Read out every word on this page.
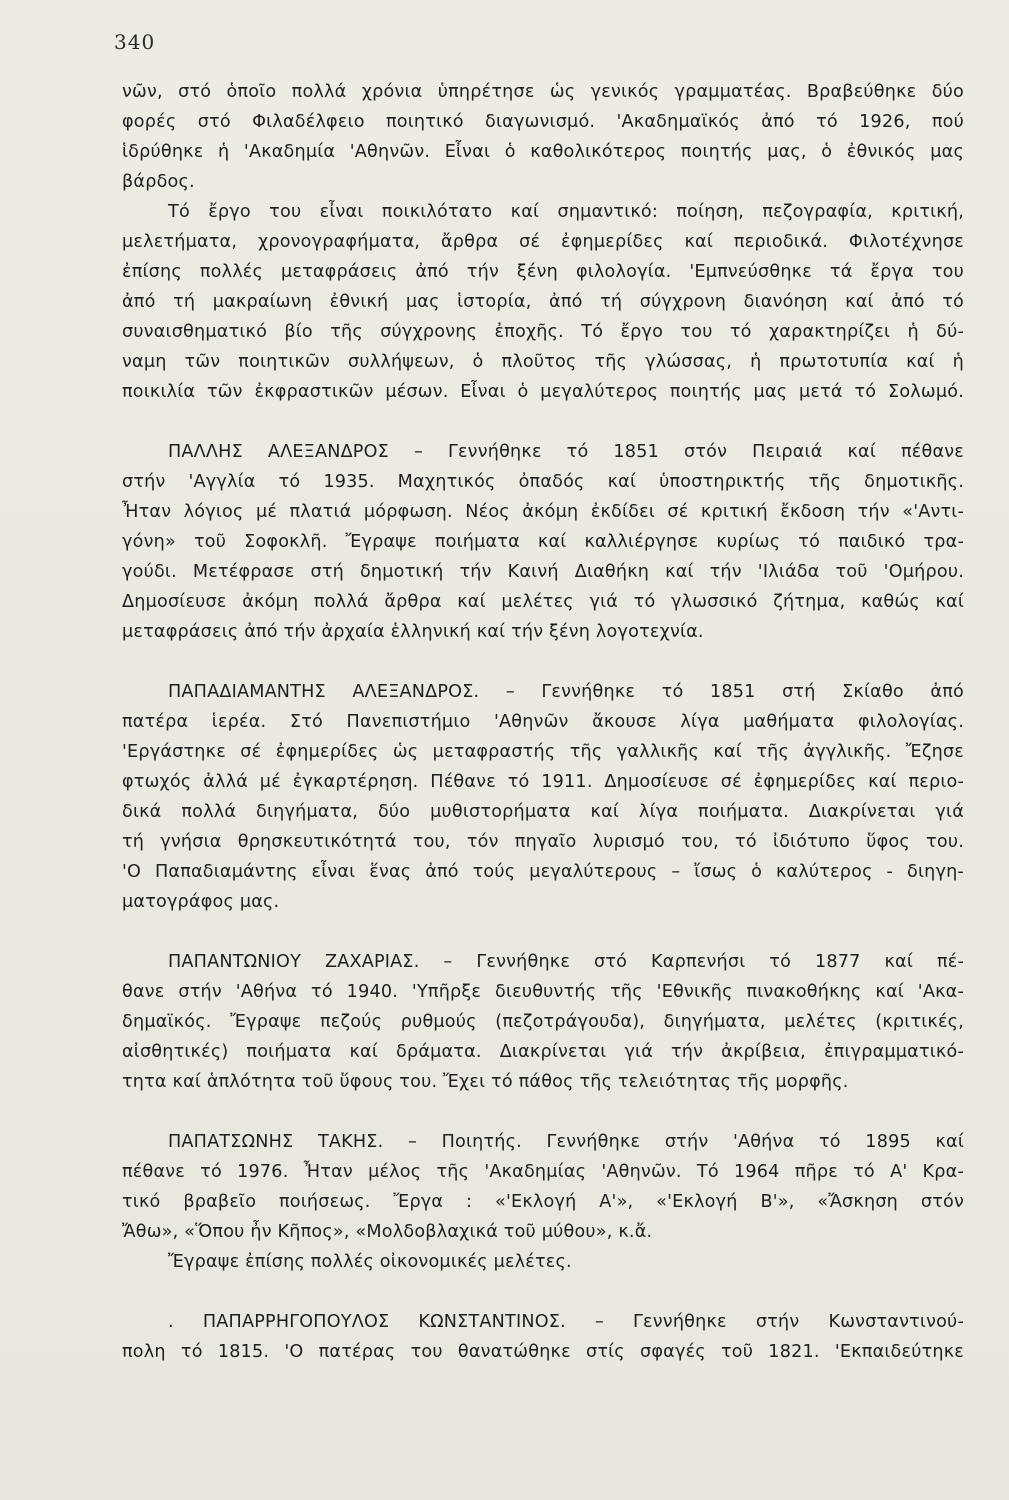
340
νῶν, στό ὁποῖο πολλά χρόνια ὑπηρέτησε ὡς γενικός γραμματέας. Βραβεύθηκε δύο
φορές στό Φιλαδέλφειο ποιητικό διαγωνισμό. 'Ακαδημαϊκός ἀπό τό 1926, πού
ἱδρύθηκε ἡ 'Ακαδημία 'Αθηνῶν. Εἶναι ὁ καθολικότερος ποιητής μας, ὁ ἐθνικός μας
βάρδος.
Τό ἔργο του εἶναι ποικιλότατο καί σημαντικό: ποίηση, πεζογραφία, κριτική,
μελετήματα, χρονογραφήματα, ἄρθρα σέ ἐφημερίδες καί περιοδικά. Φιλοτέχνησε
ἐπίσης πολλές μεταφράσεις ἀπό τήν ξένη φιλολογία. 'Εμπνεύσθηκε τά ἔργα του
ἀπό τή μακραίωνη ἐθνική μας ἱστορία, ἀπό τή σύγχρονη διανόηση καί ἀπό τό
συναισθηματικό βίο τῆς σύγχρονης ἐποχῆς. Τό ἔργο του τό χαρακτηρίζει ἡ δύ-
ναμη τῶν ποιητικῶν συλλήψεων, ὁ πλοῦτος τῆς γλώσσας, ἡ πρωτοτυπία καί ἡ
ποικιλία τῶν ἐκφραστικῶν μέσων. Εἶναι ὁ μεγαλύτερος ποιητής μας μετά τό Σολωμό.
ΠΑΛΛΗΣ ΑΛΕΞΑΝΔΡΟΣ – Γεννήθηκε τό 1851 στόν Πειραιά καί πέθανε
στήν 'Αγγλία τό 1935. Μαχητικός ὀπαδός καί ὑποστηρικτής τῆς δημοτικῆς.
Ἦταν λόγιος μέ πλατιά μόρφωση. Νέος ἀκόμη ἐκδίδει σέ κριτική ἔκδοση τήν «'Αντι-
γόνη» τοῦ Σοφοκλῆ. Ἔγραψε ποιήματα καί καλλιέργησε κυρίως τό παιδικό τρα-
γούδι. Μετέφρασε στή δημοτική τήν Καινή Διαθήκη καί τήν 'Ιλιάδα τοῦ 'Ομήρου.
Δημοσίευσε ἀκόμη πολλά ἄρθρα καί μελέτες γιά τό γλωσσικό ζήτημα, καθώς καί
μεταφράσεις ἀπό τήν ἀρχαία ἑλληνική καί τήν ξένη λογοτεχνία.
ΠΑΠΑΔΙΑΜΑΝΤΗΣ ΑΛΕΞΑΝΔΡΟΣ. – Γεννήθηκε τό 1851 στή Σκίαθο ἀπό
πατέρα ἱερέα. Στό Πανεπιστήμιο 'Αθηνῶν ἄκουσε λίγα μαθήματα φιλολογίας.
'Εργάστηκε σέ ἐφημερίδες ὡς μεταφραστής τῆς γαλλικῆς καί τῆς ἀγγλικῆς. Ἔζησε
φτωχός ἀλλά μέ ἐγκαρτέρηση. Πέθανε τό 1911. Δημοσίευσε σέ ἐφημερίδες καί περιο-
δικά πολλά διηγήματα, δύο μυθιστορήματα καί λίγα ποιήματα. Διακρίνεται γιά
τή γνήσια θρησκευτικότητά του, τόν πηγαῖο λυρισμό του, τό ἰδιότυπο ὕφος του.
'Ο Παπαδιαμάντης εἶναι ἕνας ἀπό τούς μεγαλύτερους – ἴσως ὁ καλύτερος - διηγη-
ματογράφος μας.
ΠΑΠΑΝΤΩΝΙΟΥ ΖΑΧΑΡΙΑΣ. – Γεννήθηκε στό Καρπενήσι τό 1877 καί πέ-
θανε στήν 'Αθήνα τό 1940. 'Υπῆρξε διευθυντής τῆς 'Εθνικῆς πινακοθήκης καί 'Ακα-
δημαϊκός. Ἔγραψε πεζούς ρυθμούς (πεζοτράγουδα), διηγήματα, μελέτες (κριτικές,
αἰσθητικές) ποιήματα καί δράματα. Διακρίνεται γιά τήν ἀκρίβεια, ἐπιγραμματικό-
τητα καί ἁπλότητα τοῦ ὕφους του. Ἔχει τό πάθος τῆς τελειότητας τῆς μορφῆς.
ΠΑΠΑΤΣΩΝΗΣ ΤΑΚΗΣ. – Ποιητής. Γεννήθηκε στήν 'Αθήνα τό 1895 καί
πέθανε τό 1976. Ἦταν μέλος τῆς 'Ακαδημίας 'Αθηνῶν. Τό 1964 πῆρε τό Α' Κρα-
τικό βραβεῖο ποιήσεως. Ἔργα : «'Εκλογή Α'», «'Εκλογή Β'», «Ἄσκηση στόν
Ἄθω», «Ὅπου ἦν Κῆπος», «Μολδοβλαχικά τοῦ μύθου», κ.ἄ.
Ἔγραψε ἐπίσης πολλές οἰκονομικές μελέτες.
. ΠΑΠΑΡΡΗΓΟΠΟΥΛΟΣ ΚΩΝΣΤΑΝΤΙΝΟΣ. – Γεννήθηκε στήν Κωνσταντινού-
πολη τό 1815. 'Ο πατέρας του θανατώθηκε στίς σφαγές τοῦ 1821. 'Εκπαιδεύτηκε
